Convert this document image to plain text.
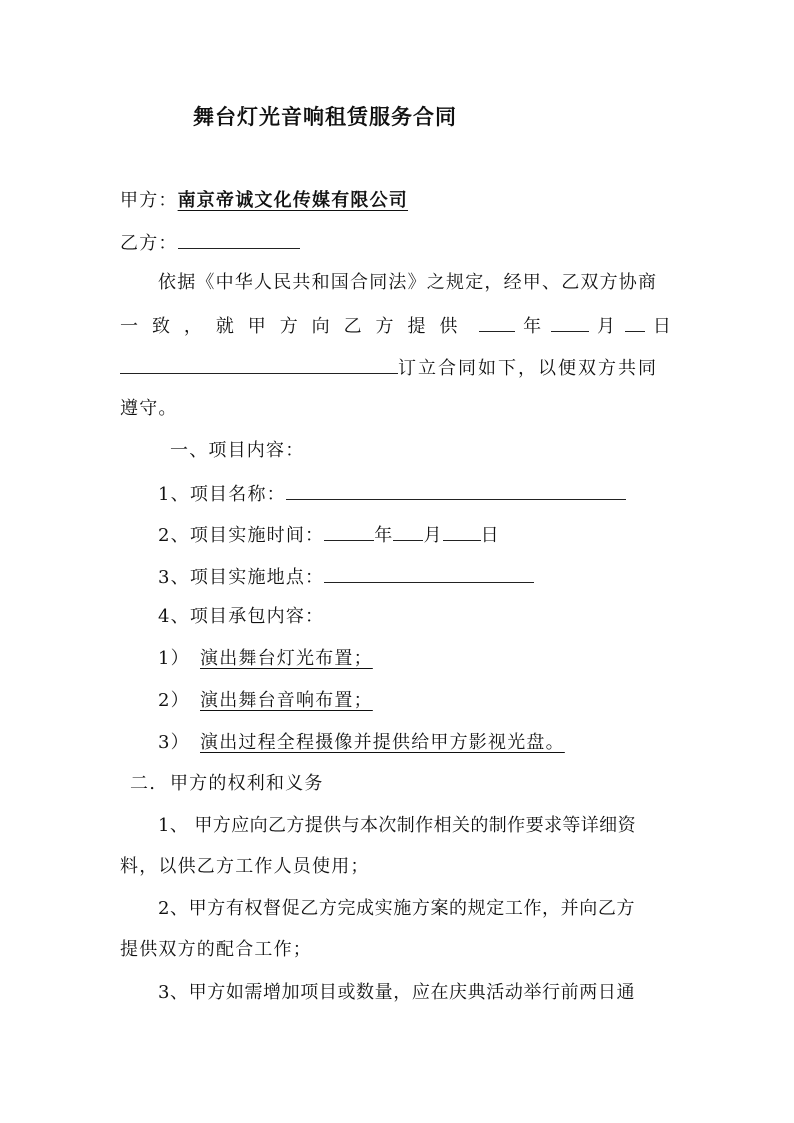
舞台灯光音响租赁服务合同
甲方：南京帝诚文化传媒有限公司
乙方：
依据《中华人民共和国合同法》之规定，经甲、乙双方协商
一致，就甲方向乙方提供	年	月 日
订立合同如下，以便双方共同
遵守。
一、项目内容：
1、项目名称：
2、项目实施时间：	年 月 日
3、项目实施地点：
4、项目承包内容：
1） 演出舞台灯光布置；
2） 演出舞台音响布置；
3） 演出过程全程摄像并提供给甲方影视光盘。
二.  甲方的权利和义务
1、 甲方应向乙方提供与本次制作相关的制作要求等详细资
料，以供乙方工作人员使用；
2、甲方有权督促乙方完成实施方案的规定工作，并向乙方
提供双方的配合工作；
3、甲方如需增加项目或数量，应在庆典活动举行前两日通
